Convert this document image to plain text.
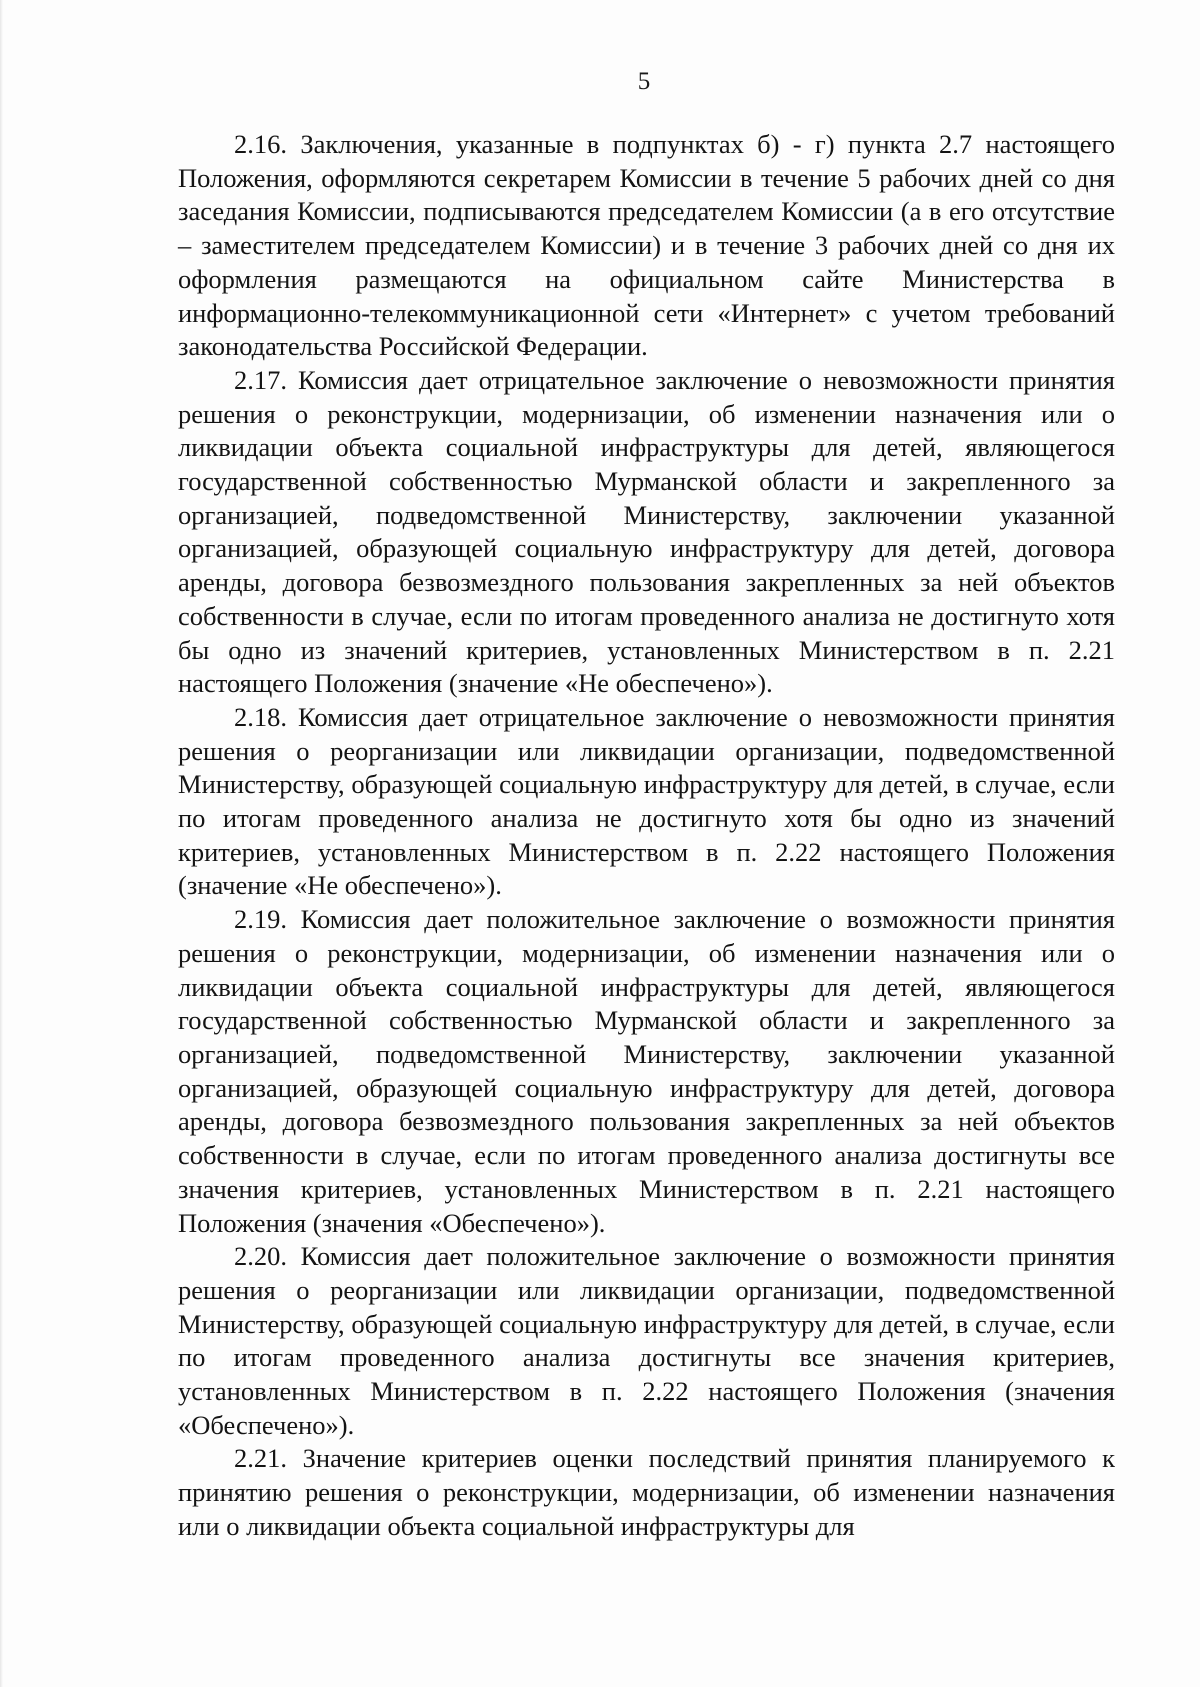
5

2.16. Заключения, указанные в подпунктах б) - г) пункта 2.7 настоящего Положения, оформляются секретарем Комиссии в течение 5 рабочих дней со дня заседания Комиссии, подписываются председателем Комиссии (а в его отсутствие – заместителем председателем Комиссии) и в течение 3 рабочих дней со дня их оформления размещаются на официальном сайте Министерства в информационно-телекоммуникационной сети «Интернет» с учетом требований законодательства Российской Федерации.

2.17. Комиссия дает отрицательное заключение о невозможности принятия решения о реконструкции, модернизации, об изменении назначения или о ликвидации объекта социальной инфраструктуры для детей, являющегося государственной собственностью Мурманской области и закрепленного за организацией, подведомственной Министерству, заключении указанной организацией, образующей социальную инфраструктуру для детей, договора аренды, договора безвозмездного пользования закрепленных за ней объектов собственности в случае, если по итогам проведенного анализа не достигнуто хотя бы одно из значений критериев, установленных Министерством в п. 2.21 настоящего Положения (значение «Не обеспечено»).

2.18. Комиссия дает отрицательное заключение о невозможности принятия решения о реорганизации или ликвидации организации, подведомственной Министерству, образующей социальную инфраструктуру для детей, в случае, если по итогам проведенного анализа не достигнуто хотя бы одно из значений критериев, установленных Министерством в п. 2.22 настоящего Положения (значение «Не обеспечено»).

2.19. Комиссия дает положительное заключение о возможности принятия решения о реконструкции, модернизации, об изменении назначения или о ликвидации объекта социальной инфраструктуры для детей, являющегося государственной собственностью Мурманской области и закрепленного за организацией, подведомственной Министерству, заключении указанной организацией, образующей социальную инфраструктуру для детей, договора аренды, договора безвозмездного пользования закрепленных за ней объектов собственности в случае, если по итогам проведенного анализа достигнуты все значения критериев, установленных Министерством в п. 2.21 настоящего Положения (значения «Обеспечено»).

2.20. Комиссия дает положительное заключение о возможности принятия решения о реорганизации или ликвидации организации, подведомственной Министерству, образующей социальную инфраструктуру для детей, в случае, если по итогам проведенного анализа достигнуты все значения критериев, установленных Министерством в п. 2.22 настоящего Положения (значения «Обеспечено»).

2.21. Значение критериев оценки последствий принятия планируемого к принятию решения о реконструкции, модернизации, об изменении назначения или о ликвидации объекта социальной инфраструктуры для
